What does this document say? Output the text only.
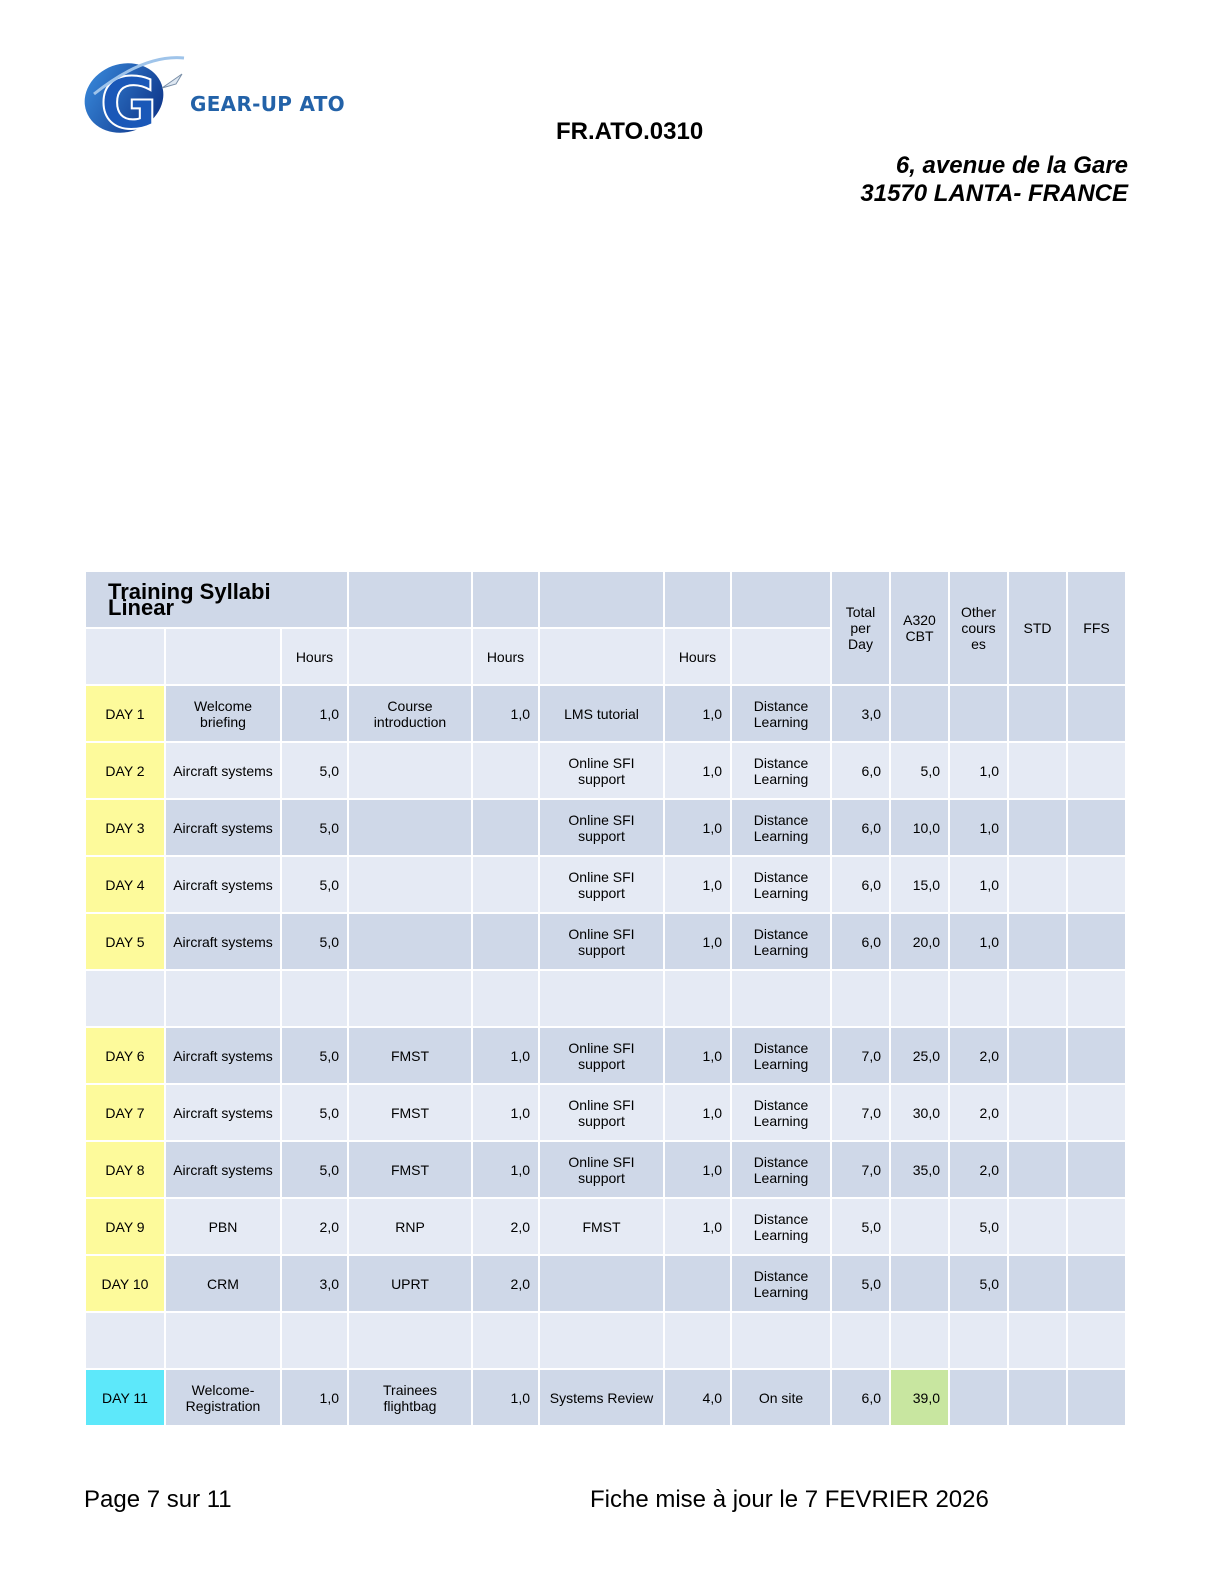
G GEAR-UP ATO
FR.ATO.0310
6, avenue de la Gare
31570 LANTA- FRANCE
Training Syllabi Linear								Total per Day	A320 CBT	Other cours es	STD	FFS
		Hours		Hours		Hours						
DAY 1	Welcome briefing	1,0	Course introduction	1,0	LMS tutorial	1,0	Distance Learning	3,0				
DAY 2	Aircraft systems	5,0			Online SFI support	1,0	Distance Learning	6,0	5,0	1,0		
DAY 3	Aircraft systems	5,0			Online SFI support	1,0	Distance Learning	6,0	10,0	1,0		
DAY 4	Aircraft systems	5,0			Online SFI support	1,0	Distance Learning	6,0	15,0	1,0		
DAY 5	Aircraft systems	5,0			Online SFI support	1,0	Distance Learning	6,0	20,0	1,0		

DAY 6	Aircraft systems	5,0	FMST	1,0	Online SFI support	1,0	Distance Learning	7,0	25,0	2,0		
DAY 7	Aircraft systems	5,0	FMST	1,0	Online SFI support	1,0	Distance Learning	7,0	30,0	2,0		
DAY 8	Aircraft systems	5,0	FMST	1,0	Online SFI support	1,0	Distance Learning	7,0	35,0	2,0		
DAY 9	PBN	2,0	RNP	2,0	FMST	1,0	Distance Learning	5,0		5,0		
DAY 10	CRM	3,0	UPRT	2,0			Distance Learning	5,0		5,0		

DAY 11	Welcome-Registration	1,0	Trainees flightbag	1,0	Systems Review	4,0	On site	6,0	39,0			
Page 7 sur 11	Fiche mise à jour le 7 FEVRIER 2026
